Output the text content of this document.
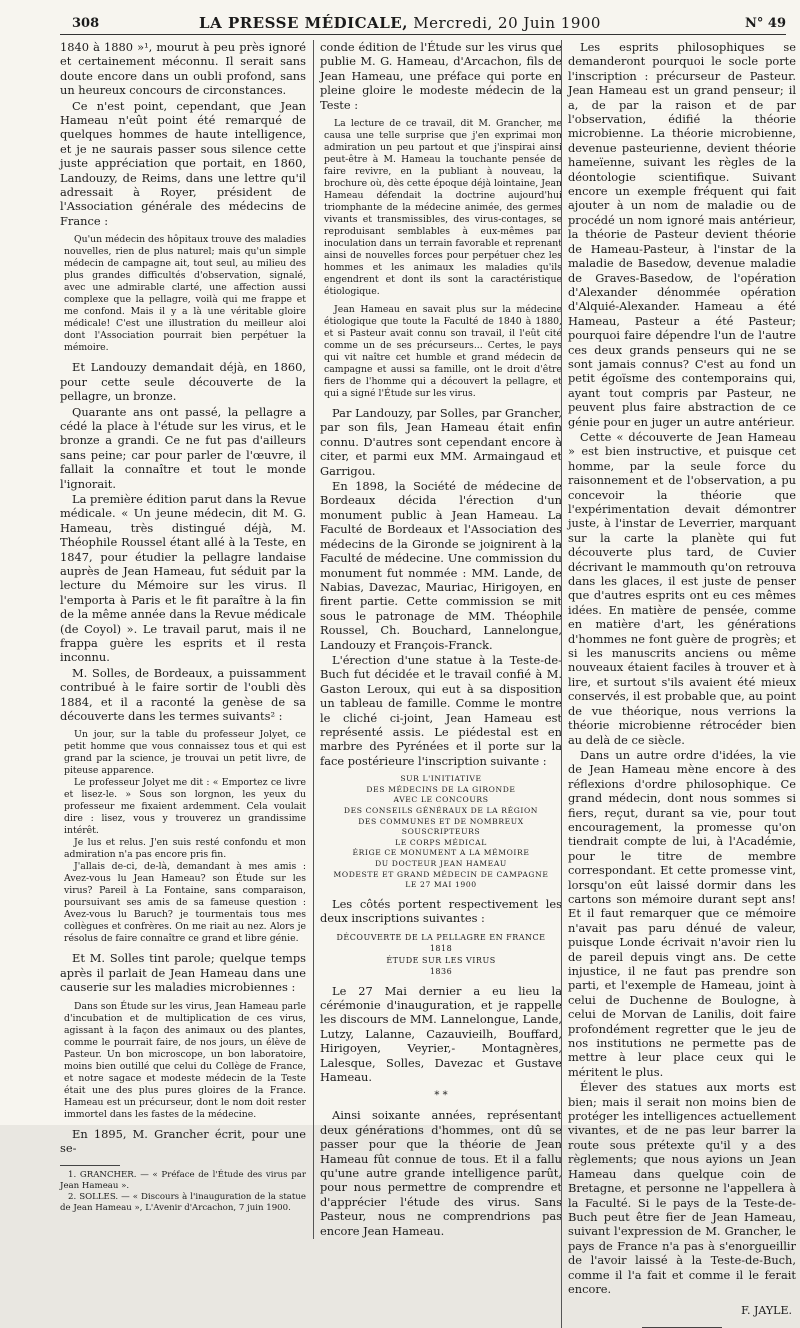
308	LA PRESSE MÉDICALE, Mercredi, 20 Juin 1900	N° 49

1840 à 1880 »¹, mourut à peu près ignoré et certainement méconnu. Il serait sans doute encore dans un oubli profond, sans un heureux concours de circonstances.

Ce n'est point, cependant, que Jean Hameau n'eût point été remarqué de quelques hommes de haute intelligence, et je ne saurais passer sous silence cette juste appréciation que portait, en 1860, Landouzy, de Reims, dans une lettre qu'il adressait à Royer, président de l'Association générale des médecins de France :

Qu'un médecin des hôpitaux trouve des maladies nouvelles, rien de plus naturel; mais qu'un simple médecin de campagne ait, tout seul, au milieu des plus grandes difficultés d'observation, signalé, avec une admirable clarté, une affection aussi complexe que la pellagre, voilà qui me frappe et me confond. Mais il y a là une véritable gloire médicale! C'est une illustration du meilleur aloi dont l'Association pourrait bien perpétuer la mémoire.

Et Landouzy demandait déjà, en 1860, pour cette seule découverte de la pellagre, un bronze.

Quarante ans ont passé, la pellagre a cédé la place à l'étude sur les virus, et le bronze a grandi. Ce ne fut pas d'ailleurs sans peine; car pour parler de l'œuvre, il fallait la connaître et tout le monde l'ignorait.

La première édition parut dans la Revue médicale. « Un jeune médecin, dit M. G. Hameau, très distingué déjà, M. Théophile Roussel étant allé à la Teste, en 1847, pour étudier la pellagre landaise auprès de Jean Hameau, fut séduit par la lecture du Mémoire sur les virus. Il l'emporta à Paris et le fit paraître à la fin de la même année dans la Revue médicale (de Coyol) ». Le travail parut, mais il ne frappa guère les esprits et il resta inconnu.

M. Solles, de Bordeaux, a puissamment contribué à le faire sortir de l'oubli dès 1884, et il a raconté la genèse de sa découverte dans les termes suivants² :

Un jour, sur la table du professeur Jolyet, ce petit homme que vous connaissez tous et qui est grand par la science, je trouvai un petit livre, de piteuse apparence.

Le professeur Jolyet me dit : « Emportez ce livre et lisez-le. » Sous son lorgnon, les yeux du professeur me fixaient ardemment. Cela voulait dire : lisez, vous y trouverez un grandissime intérêt.

Je lus et relus. J'en suis resté confondu et mon admiration n'a pas encore pris fin.

J'allais de-ci, de-là, demandant à mes amis : Avez-vous lu Jean Hameau? son Étude sur les virus? Pareil à La Fontaine, sans comparaison, poursuivant ses amis de sa fameuse question : Avez-vous lu Baruch? je tourmentais tous mes collègues et confrères. On me riait au nez. Alors je résolus de faire connaître ce grand et libre génie.

Et M. Solles tint parole; quelque temps après il parlait de Jean Hameau dans une causerie sur les maladies microbiennes :

Dans son Étude sur les virus, Jean Hameau parle d'incubation et de multiplication de ces virus, agissant à la façon des animaux ou des plantes, comme le pourrait faire, de nos jours, un élève de Pasteur. Un bon microscope, un bon laboratoire, moins bien outillé que celui du Collège de France, et notre sagace et modeste médecin de la Teste était une des plus pures gloires de la France. Hameau est un précurseur, dont le nom doit rester immortel dans les fastes de la médecine.

En 1895, M. Grancher écrit, pour une se-

1. GRANCHER. — « Préface de l'Étude des virus par Jean Hameau ».

2. SOLLES. — « Discours à l'inauguration de la statue de Jean Hameau », L'Avenir d'Arcachon, 7 juin 1900.

conde édition de l'Étude sur les virus que publie M. G. Hameau, d'Arcachon, fils de Jean Hameau, une préface qui porte en pleine gloire le modeste médecin de la Teste :

La lecture de ce travail, dit M. Grancher, me causa une telle surprise que j'en exprimai mon admiration un peu partout et que j'inspirai ainsi peut-être à M. Hameau la touchante pensée de faire revivre, en la publiant à nouveau, la brochure où, dès cette époque déjà lointaine, Jean Hameau défendait la doctrine aujourd'hui triomphante de la médecine animée, des germes vivants et transmissibles, des virus-contages, se reproduisant semblables à eux-mêmes par inoculation dans un terrain favorable et reprenant ainsi de nouvelles forces pour perpétuer chez les hommes et les animaux les maladies qu'ils engendrent et dont ils sont la caractéristique étiologique.

Jean Hameau en savait plus sur la médecine étiologique que toute la Faculté de 1840 à 1880, et si Pasteur avait connu son travail, il l'eût cité comme un de ses précurseurs... Certes, le pays qui vit naître cet humble et grand médecin de campagne et aussi sa famille, ont le droit d'être fiers de l'homme qui a découvert la pellagre, et qui a signé l'Étude sur les virus.

Par Landouzy, par Solles, par Grancher, par son fils, Jean Hameau était enfin connu. D'autres sont cependant encore à citer, et parmi eux MM. Armaingaud et Garrigou.

En 1898, la Société de médecine de Bordeaux décida l'érection d'un monument public à Jean Hameau. La Faculté de Bordeaux et l'Association des médecins de la Gironde se joignirent à la Faculté de médecine. Une commission du monument fut nommée : MM. Lande, de Nabias, Davezac, Mauriac, Hirigoyen, en firent partie. Cette commission se mit sous le patronage de MM. Théophile Roussel, Ch. Bouchard, Lannelongue, Landouzy et François-Franck.

L'érection d'une statue à la Teste-de-Buch fut décidée et le travail confié à M. Gaston Leroux, qui eut à sa disposition un tableau de famille. Comme le montre le cliché ci-joint, Jean Hameau est représenté assis. Le piédestal est en marbre des Pyrénées et il porte sur la face postérieure l'inscription suivante :

SUR L'INITIATIVE
DES MÉDECINS DE LA GIRONDE
AVEC LE CONCOURS
DES CONSEILS GÉNÉRAUX DE LA RÉGION
DES COMMUNES ET DE NOMBREUX SOUSCRIPTEURS
LE CORPS MÉDICAL
ÉRIGE CE MONUMENT A LA MÉMOIRE
DU DOCTEUR JEAN HAMEAU
MODESTE ET GRAND MÉDECIN DE CAMPAGNE
LE 27 MAI 1900

Les côtés portent respectivement les deux inscriptions suivantes :

DÉCOUVERTE DE LA PELLAGRE EN FRANCE
1818
ÉTUDE SUR LES VIRUS
1836

Le 27 Mai dernier a eu lieu la cérémonie d'inauguration, et je rappelle les discours de MM. Lannelongue, Lande, Lutzy, Lalanne, Cazauvieilh, Bouffard, Hirigoyen, Veyrier,- Montagnères, Lalesque, Solles, Davezac et Gustave Hameau.

* *

Ainsi soixante années, représentant deux générations d'hommes, ont dû se passer pour que la théorie de Jean Hameau fût connue de tous. Et il a fallu qu'une autre grande intelligence parût, pour nous permettre de comprendre et d'apprécier l'étude des virus. Sans Pasteur, nous ne comprendrions pas encore Jean Hameau.

Les esprits philosophiques se demanderont pourquoi le socle porte l'inscription : précurseur de Pasteur. Jean Hameau est un grand penseur; il a, de par la raison et de par l'observation, édifié la théorie microbienne. La théorie microbienne, devenue pasteurienne, devient théorie hameïenne, suivant les règles de la déontologie scientifique. Suivant encore un exemple fréquent qui fait ajouter à un nom de maladie ou de procédé un nom ignoré mais antérieur, la théorie de Pasteur devient théorie de Hameau-Pasteur, à l'instar de la maladie de Basedow, devenue maladie de Graves-Basedow, de l'opération d'Alexander dénommée opération d'Alquié-Alexander. Hameau a été Hameau, Pasteur a été Pasteur; pourquoi faire dépendre l'un de l'autre ces deux grands penseurs qui ne se sont jamais connus? C'est au fond un petit égoïsme des contemporains qui, ayant tout compris par Pasteur, ne peuvent plus faire abstraction de ce génie pour en juger un autre antérieur.

Cette « découverte de Jean Hameau » est bien instructive, et puisque cet homme, par la seule force du raisonnement et de l'observation, a pu concevoir la théorie que l'expérimentation devait démontrer juste, à l'instar de Leverrier, marquant sur la carte la planète qui fut découverte plus tard, de Cuvier décrivant le mammouth qu'on retrouva dans les glaces, il est juste de penser que d'autres esprits ont eu ces mêmes idées. En matière de pensée, comme en matière d'art, les générations d'hommes ne font guère de progrès; et si les manuscrits anciens ou même nouveaux étaient faciles à trouver et à lire, et surtout s'ils avaient été mieux conservés, il est probable que, au point de vue théorique, nous verrions la théorie microbienne rétrocéder bien au delà de ce siècle.

Dans un autre ordre d'idées, la vie de Jean Hameau mène encore à des réflexions d'ordre philosophique. Ce grand médecin, dont nous sommes si fiers, reçut, durant sa vie, pour tout encouragement, la promesse qu'on tiendrait compte de lui, à l'Académie, pour le titre de membre correspondant. Et cette promesse vint, lorsqu'on eût laissé dormir dans les cartons son mémoire durant sept ans! Et il faut remarquer que ce mémoire n'avait pas paru dénué de valeur, puisque Londe écrivait n'avoir rien lu de pareil depuis vingt ans. De cette injustice, il ne faut pas prendre son parti, et l'exemple de Hameau, joint à celui de Duchenne de Boulogne, à celui de Morvan de Lanilis, doit faire profondément regretter que le jeu de nos institutions ne permette pas de mettre à leur place ceux qui le méritent le plus.

Élever des statues aux morts est bien; mais il serait non moins bien de protéger les intelligences actuellement vivantes, et de ne pas leur barrer la route sous prétexte qu'il y a des règlements; que nous ayions un Jean Hameau dans quelque coin de Bretagne, et personne ne l'appellera à la Faculté. Si le pays de la Teste-de-Buch peut être fier de Jean Hameau, suivant l'expression de M. Grancher, le pays de France n'a pas à s'enorgueillir de l'avoir laissé à la Teste-de-Buch, comme il l'a fait et comme il le ferait encore.

F. JAYLE.
